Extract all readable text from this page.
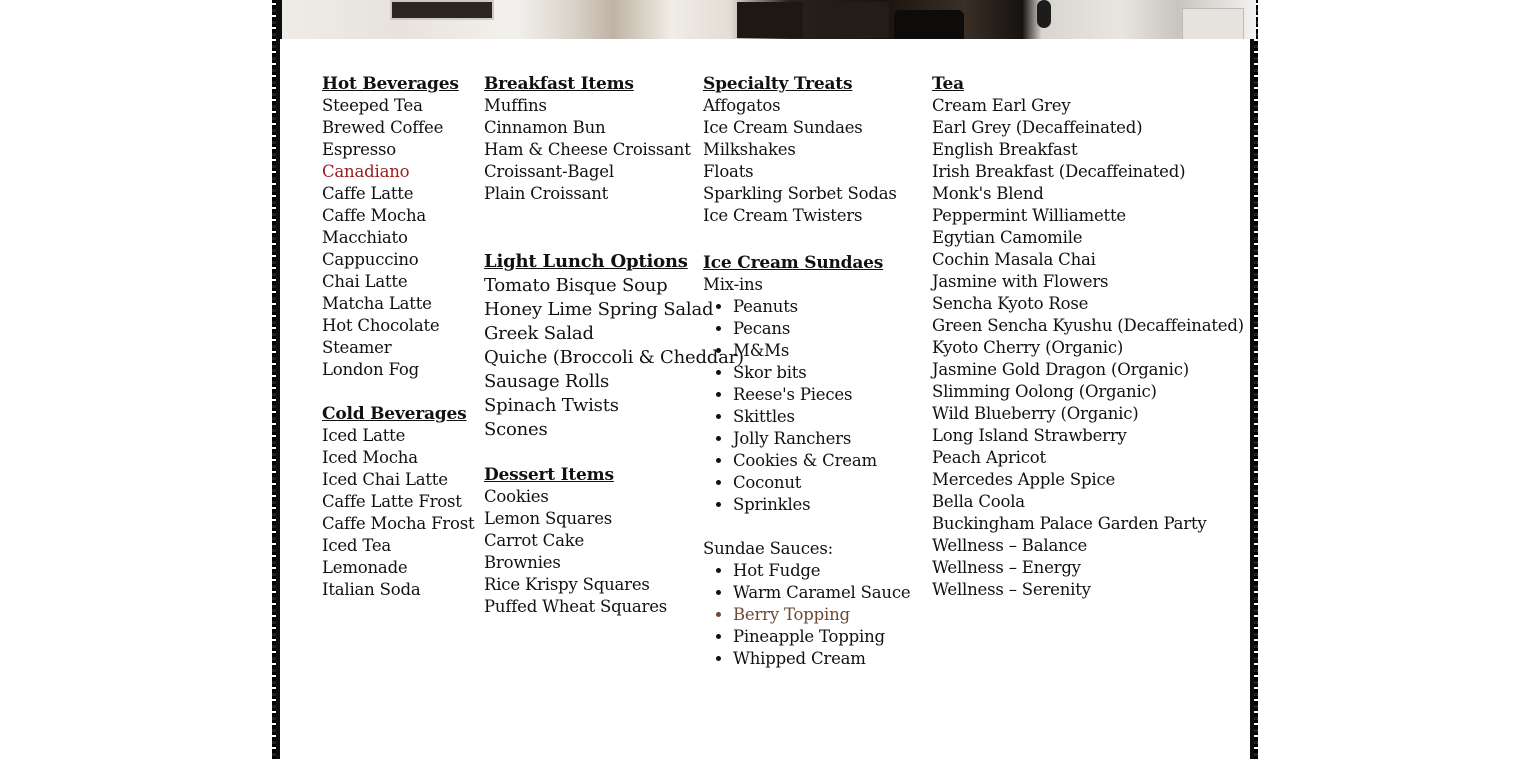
Hot Beverages

Steeped Tea

Brewed Coffee

Espresso

Canadiano

Caffe Latte

Caffe Mocha

Macchiato

Cappuccino

Chai Latte

Matcha Latte

Hot Chocolate

Steamer

London Fog

Cold Beverages

Iced Latte

Iced Mocha

Iced Chai Latte

Caffe Latte Frost

Caffe Mocha Frost

Iced Tea

Lemonade

Italian Soda

Breakfast Items

Muffins

Cinnamon Bun

Ham & Cheese Croissant

Croissant-Bagel

Plain Croissant

Light Lunch Options

Tomato Bisque Soup

Honey Lime Spring Salad

Greek Salad

Quiche (Broccoli & Cheddar)

Sausage Rolls

Spinach Twists

Scones

Dessert Items

Cookies

Lemon Squares

Carrot Cake

Brownies

Rice Krispy Squares

Puffed Wheat Squares

Specialty Treats

Affogatos

Ice Cream Sundaes

Milkshakes

Floats

Sparkling Sorbet Sodas

Ice Cream Twisters

Ice Cream Sundaes

Mix-ins

• Peanuts
• Pecans
• M&Ms
• Skor bits
• Reese's Pieces
• Skittles
• Jolly Ranchers
• Cookies & Cream
• Coconut
• Sprinkles

Sundae Sauces:

• Hot Fudge
• Warm Caramel Sauce
• Berry Topping
• Pineapple Topping
• Whipped Cream

Tea

Cream Earl Grey

Earl Grey (Decaffeinated)

English Breakfast

Irish Breakfast (Decaffeinated)

Monk's Blend

Peppermint Williamette

Egytian Camomile

Cochin Masala Chai

Jasmine with Flowers

Sencha Kyoto Rose

Green Sencha Kyushu (Decaffeinated)

Kyoto Cherry (Organic)

Jasmine Gold Dragon (Organic)

Slimming Oolong (Organic)

Wild Blueberry (Organic)

Long Island Strawberry

Peach Apricot

Mercedes Apple Spice

Bella Coola

Buckingham Palace Garden Party

Wellness – Balance

Wellness – Energy

Wellness – Serenity
